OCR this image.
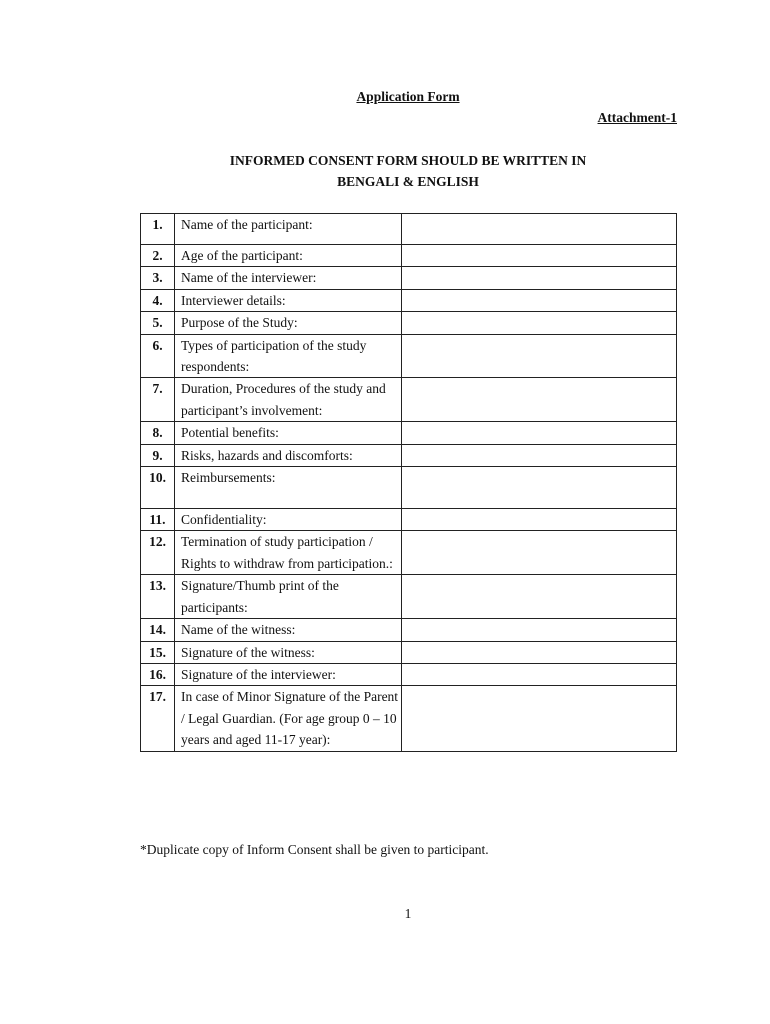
Application Form
Attachment-1
INFORMED CONSENT FORM SHOULD BE WRITTEN IN
BENGALI & ENGLISH
1.	Name of the participant:	
2.	Age of the participant:	
3.	Name of the interviewer:	
4.	Interviewer details:	
5.	Purpose of the Study:	
6.	Types of participation of the study respondents:	
7.	Duration, Procedures of the study and participant’s involvement:	
8.	Potential benefits:	
9.	Risks, hazards and discomforts:	
10.	Reimbursements:	
11.	Confidentiality:	
12.	Termination of study participation / Rights to withdraw from participation.:	
13.	Signature/Thumb print of the participants:	
14.	Name of the witness:	
15.	Signature of the witness:	
16.	Signature of the interviewer:	
17.	In case of Minor Signature of the Parent / Legal Guardian. (For age group 0 – 10 years and aged 11-17 year):	
*Duplicate copy of Inform Consent shall be given to participant.
1
